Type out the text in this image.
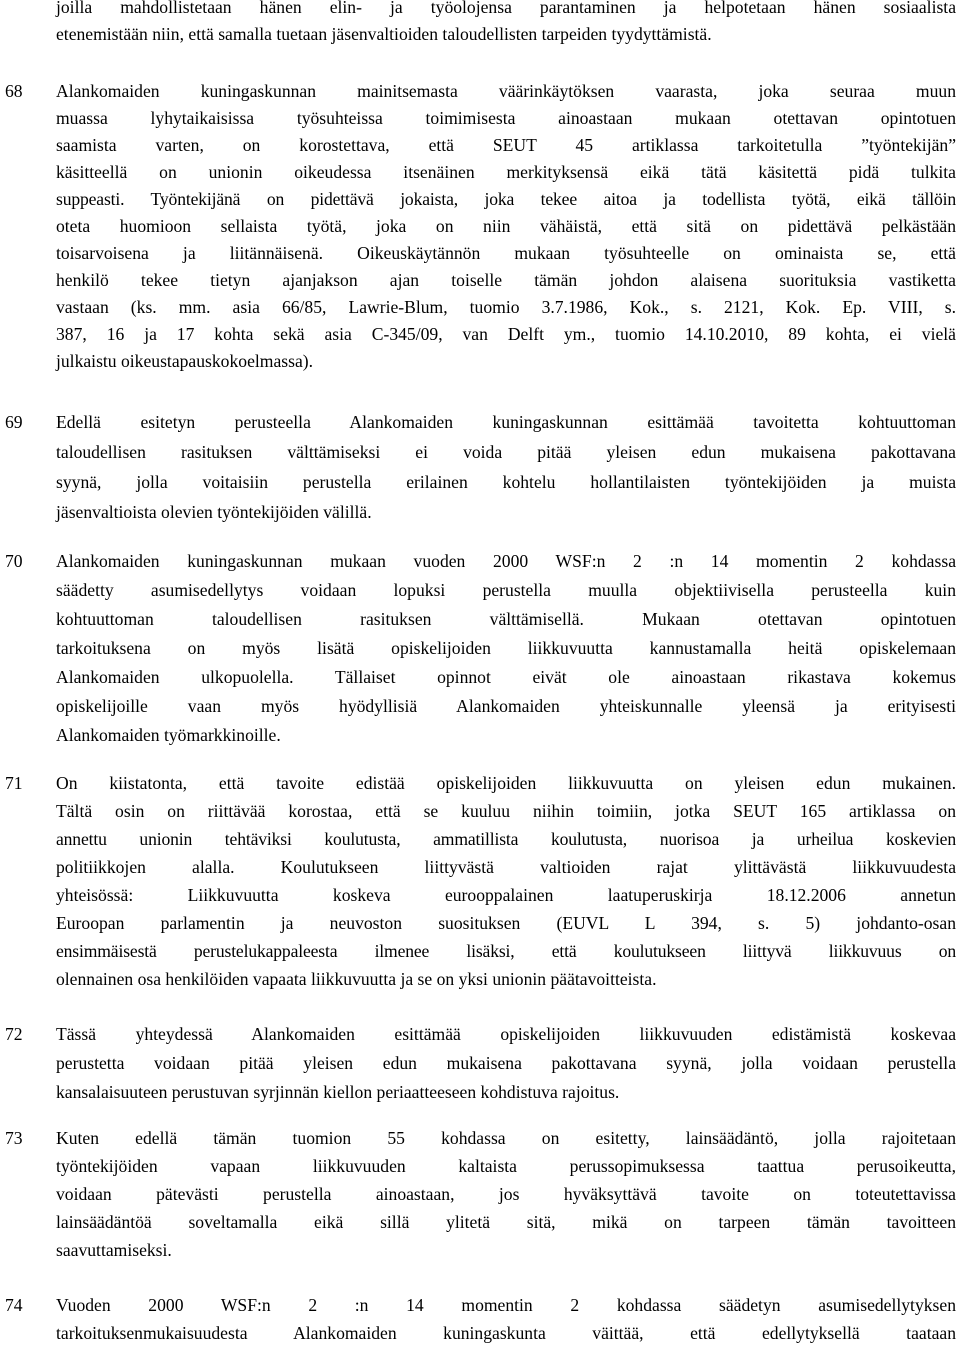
joilla mahdollistetaan hänen elin- ja työolojensa parantaminen ja helpotetaan hänen sosiaalista
etenemistään niin, että samalla tuetaan jäsenvaltioiden taloudellisten tarpeiden tyydyttämistä.
68 Alankomaiden kuningaskunnan mainitsemasta väärinkäytöksen vaarasta, joka seuraa muun
muassa lyhytaikaisissa työsuhteissa toimimisesta ainoastaan mukaan otettavan opintotuen
saamista varten, on korostettava, että SEUT 45 artiklassa tarkoitetulla ”työntekijän”
käsitteellä on unionin oikeudessa itsenäinen merkityksensä eikä tätä käsitettä pidä tulkita
suppeasti. Työntekijänä on pidettävä jokaista, joka tekee aitoa ja todellista työtä, eikä tällöin
oteta huomioon sellaista työtä, joka on niin vähäistä, että sitä on pidettävä pelkästään
toisarvoisena ja liitännäisenä. Oikeuskäytännön mukaan työsuhteelle on ominaista se, että
henkilö tekee tietyn ajanjakson ajan toiselle tämän johdon alaisena suorituksia vastiketta
vastaan (ks. mm. asia 66/85, Lawrie-Blum, tuomio 3.7.1986, Kok., s. 2121, Kok. Ep. VIII, s.
387, 16 ja 17 kohta sekä asia C-345/09, van Delft ym., tuomio 14.10.2010, 89 kohta, ei vielä
julkaistu oikeustapauskokoelmassa).
69 Edellä esitetyn perusteella Alankomaiden kuningaskunnan esittämää tavoitetta kohtuuttoman
taloudellisen rasituksen välttämiseksi ei voida pitää yleisen edun mukaisena pakottavana
syynä, jolla voitaisiin perustella erilainen kohtelu hollantilaisten työntekijöiden ja muista
jäsenvaltioista olevien työntekijöiden välillä.
70 Alankomaiden kuningaskunnan mukaan vuoden 2000 WSF:n 2 :n 14 momentin 2 kohdassa
säädetty asumisedellytys voidaan lopuksi perustella muulla objektiivisella perusteella kuin
kohtuuttoman taloudellisen rasituksen välttämisellä. Mukaan otettavan opintotuen
tarkoituksena on myös lisätä opiskelijoiden liikkuvuutta kannustamalla heitä opiskelemaan
Alankomaiden ulkopuolella. Tällaiset opinnot eivät ole ainoastaan rikastava kokemus
opiskelijoille vaan myös hyödyllisiä Alankomaiden yhteiskunnalle yleensä ja erityisesti
Alankomaiden työmarkkinoille.
71 On kiistatonta, että tavoite edistää opiskelijoiden liikkuvuutta on yleisen edun mukainen.
Tältä osin on riittävää korostaa, että se kuuluu niihin toimiin, jotka SEUT 165 artiklassa on
annettu unionin tehtäviksi koulutusta, ammatillista koulutusta, nuorisoa ja urheilua koskevien
politiikkojen alalla. Koulutukseen liittyvästä valtioiden rajat ylittävästä liikkuvuudesta
yhteisössä: Liikkuvuutta koskeva eurooppalainen laatuperuskirja 18.12.2006 annetun
Euroopan parlamentin ja neuvoston suosituksen (EUVL L 394, s. 5) johdanto-osan
ensimmäisestä perustelukappaleesta ilmenee lisäksi, että koulutukseen liittyvä liikkuvuus on
olennainen osa henkilöiden vapaata liikkuvuutta ja se on yksi unionin päätavoitteista.
72 Tässä yhteydessä Alankomaiden esittämää opiskelijoiden liikkuvuuden edistämistä koskevaa
perustetta voidaan pitää yleisen edun mukaisena pakottavana syynä, jolla voidaan perustella
kansalaisuuteen perustuvan syrjinnän kiellon periaatteeseen kohdistuva rajoitus.
73 Kuten edellä tämän tuomion 55 kohdassa on esitetty, lainsäädäntö, jolla rajoitetaan
työntekijöiden vapaan liikkuvuuden kaltaista perussopimuksessa taattua perusoikeutta,
voidaan pätevästi perustella ainoastaan, jos hyväksyttävä tavoite on toteutettavissa
lainsäädäntöä soveltamalla eikä sillä ylitetä sitä, mikä on tarpeen tämän tavoitteen
saavuttamiseksi.
74 Vuoden 2000 WSF:n 2 :n 14 momentin 2 kohdassa säädetyn asumisedellytyksen
tarkoituksenmukaisuudesta Alankomaiden kuningaskunta väittää, että edellytyksellä taataan
